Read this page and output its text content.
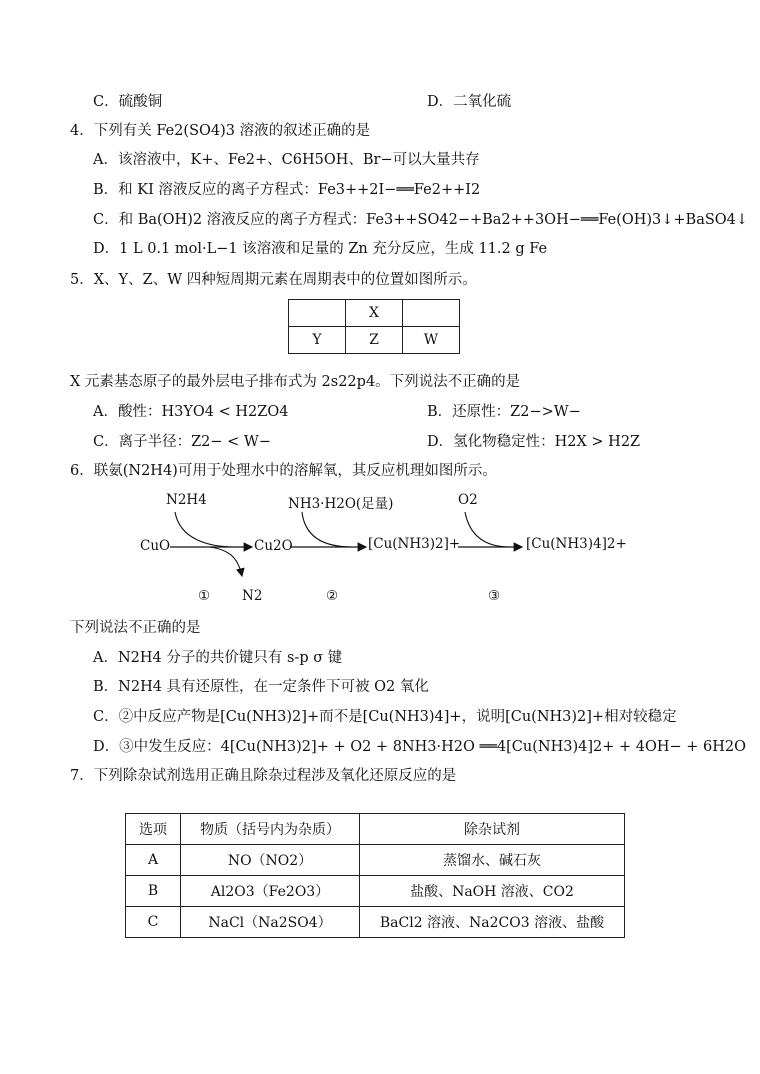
C．硫酸铜	D．二氧化硫
4．下列有关 Fe2(SO4)3 溶液的叙述正确的是
A．该溶液中，K+、Fe2+、C6H5OH、Br−可以大量共存
B．和 KI 溶液反应的离子方程式：Fe3++2I−══Fe2++I2
C．和 Ba(OH)2 溶液反应的离子方程式：Fe3++SO42−+Ba2++3OH−══Fe(OH)3↓+BaSO4↓
D．1 L 0.1 mol·L−1 该溶液和足量的 Zn 充分反应，生成 11.2 g Fe
5．X、Y、Z、W 四种短周期元素在周期表中的位置如图所示。
	X	
Y	Z	W
X 元素基态原子的最外层电子排布式为 2s22p4。下列说法不正确的是
A．酸性：H3YO4 < H2ZO4	B．还原性：Z2−>W−
C．离子半径：Z2− < W−	D．氢化物稳定性：H2X > H2Z
6．联氨(N2H4)可用于处理水中的溶解氧，其反应机理如图所示。
N2H4	NH3·H2O(足量)	O2
CuO	Cu2O	[Cu(NH3)2]+	[Cu(NH3)4]2+
N2
①	②	③
下列说法不正确的是
A．N2H4 分子的共价键只有 s-p σ 键
B．N2H4 具有还原性，在一定条件下可被 O2 氧化
C．②中反应产物是[Cu(NH3)2]+而不是[Cu(NH3)4]+，说明[Cu(NH3)2]+相对较稳定
D．③中发生反应：4[Cu(NH3)2]+ + O2 + 8NH3·H2O ══4[Cu(NH3)4]2+ + 4OH− + 6H2O
7．下列除杂试剂选用正确且除杂过程涉及氧化还原反应的是
选项	物质（括号内为杂质）	除杂试剂
A	NO（NO2）	蒸馏水、碱石灰
B	Al2O3（Fe2O3）	盐酸、NaOH 溶液、CO2
C	NaCl（Na2SO4）	BaCl2 溶液、Na2CO3 溶液、盐酸
